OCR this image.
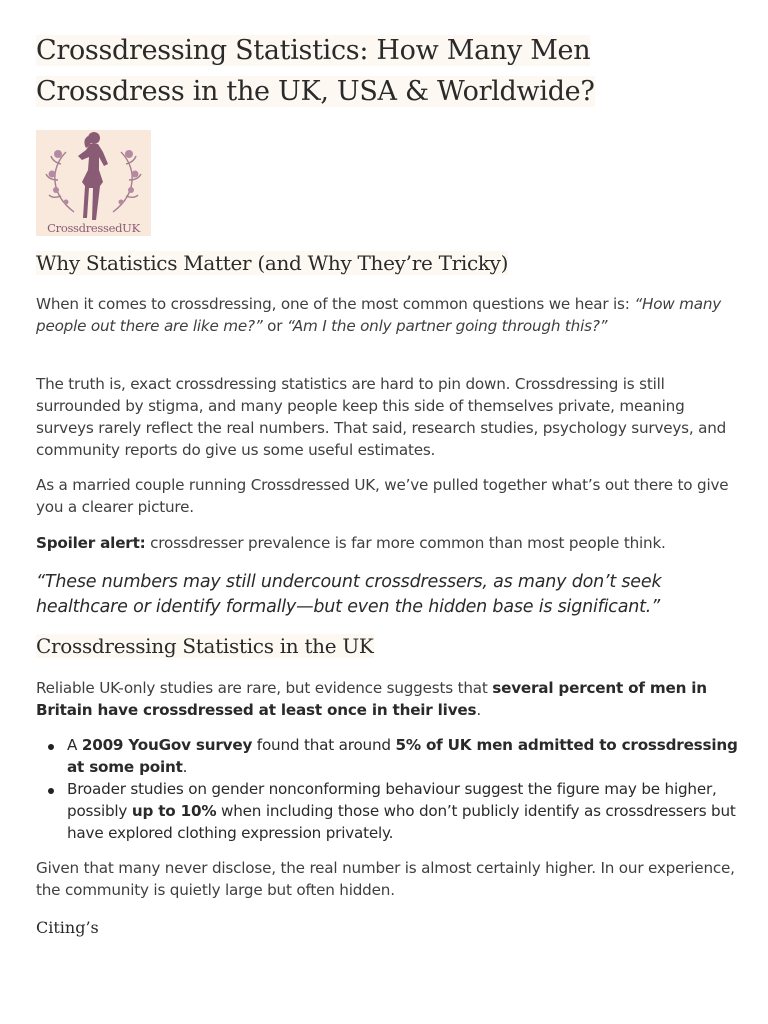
Crossdressing Statistics: How Many Men
Crossdress in the UK, USA & Worldwide?
CrossdressedUK
Why Statistics Matter (and Why They’re Tricky)

When it comes to crossdressing, one of the most common questions we hear is: “How many people out there are like me?” or “Am I the only partner going through this?”

The truth is, exact crossdressing statistics are hard to pin down. Crossdressing is still surrounded by stigma, and many people keep this side of themselves private, meaning surveys rarely reflect the real numbers. That said, research studies, psychology surveys, and community reports do give us some useful estimates.

As a married couple running Crossdressed UK, we’ve pulled together what’s out there to give you a clearer picture.

Spoiler alert: crossdresser prevalence is far more common than most people think.

“These numbers may still undercount crossdressers, as many don’t seek healthcare or identify formally—but even the hidden base is significant.”

Crossdressing Statistics in the UK

Reliable UK-only studies are rare, but evidence suggests that several percent of men in Britain have crossdressed at least once in their lives.

A 2009 YouGov survey found that around 5% of UK men admitted to crossdressing at some point.
Broader studies on gender nonconforming behaviour suggest the figure may be higher, possibly up to 10% when including those who don’t publicly identify as crossdressers but have explored clothing expression privately.

Given that many never disclose, the real number is almost certainly higher. In our experience, the community is quietly large but often hidden.

Citing’s
